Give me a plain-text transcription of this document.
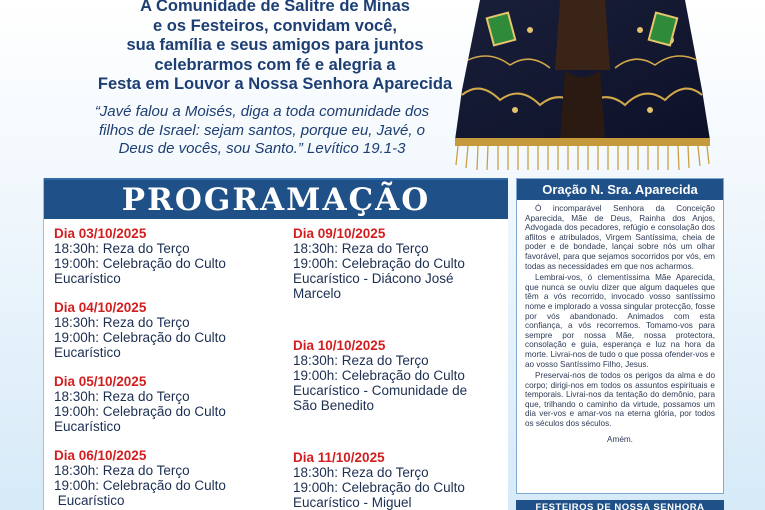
A Comunidade de Salitre de Minas
e os Festeiros, convidam você,
sua família e seus amigos para juntos
celebrarmos com fé e alegria a
Festa em Louvor a Nossa Senhora Aparecida
“Javé falou a Moisés, diga a toda comunidade dos
filhos de Israel: sejam santos, porque eu, Javé, o
Deus de vocês, sou Santo.” Levítico 19.1-3
PROGRAMAÇÃO
Dia 03/10/2025
18:30h: Reza do Terço
19:00h: Celebração do Culto
Eucarístico
Dia 04/10/2025
18:30h: Reza do Terço
19:00h: Celebração do Culto
Eucarístico
Dia 05/10/2025
18:30h: Reza do Terço
19:00h: Celebração do Culto
Eucarístico
Dia 06/10/2025
18:30h: Reza do Terço
19:00h: Celebração do Culto
Eucarístico
Dia 09/10/2025
18:30h: Reza do Terço
19:00h: Celebração do Culto
Eucarístico - Diácono José
Marcelo
Dia 10/10/2025
18:30h: Reza do Terço
19:00h: Celebração do Culto
Eucarístico - Comunidade de
São Benedito
Dia 11/10/2025
18:30h: Reza do Terço
19:00h: Celebração do Culto
Eucarístico - Miguel
Oração N. Sra. Aparecida

Ó incomparável Senhora da Conceição Aparecida, Mãe de Deus, Rainha dos Anjos, Advogada dos pecadores, refúgio e consolação dos aflitos e atribulados, Virgem Santíssima, cheia de poder e de bondade, lançai sobre nós um olhar favorável, para que sejamos socorridos por vós, em todas as necessidades em que nos acharmos.

Lembrai-vos, ó clementíssima Mãe Aparecida, que nunca se ouviu dizer que algum daqueles que têm a vós recorrido, invocado vosso santíssimo nome e implorado a vossa singular protecção, fosse por vós abandonado. Animados com esta confiança, a vós recorremos. Tomamo-vos para sempre por nossa Mãe, nossa protectora, consolação e guia, esperança e luz na hora da morte. Livrai-nos de tudo o que possa ofender-vos e ao vosso Santíssimo Filho, Jesus.

Preservai-nos de todos os perigos da alma e do corpo; dirigi-nos em todos os assuntos espirituais e temporais. Livrai-nos da tentação do demônio, para que, trilhando o caminho da virtude, possamos um dia ver-vos e amar-vos na eterna glória, por todos os séculos dos séculos.

Amém.
FESTEIROS DE NOSSA SENHORA
